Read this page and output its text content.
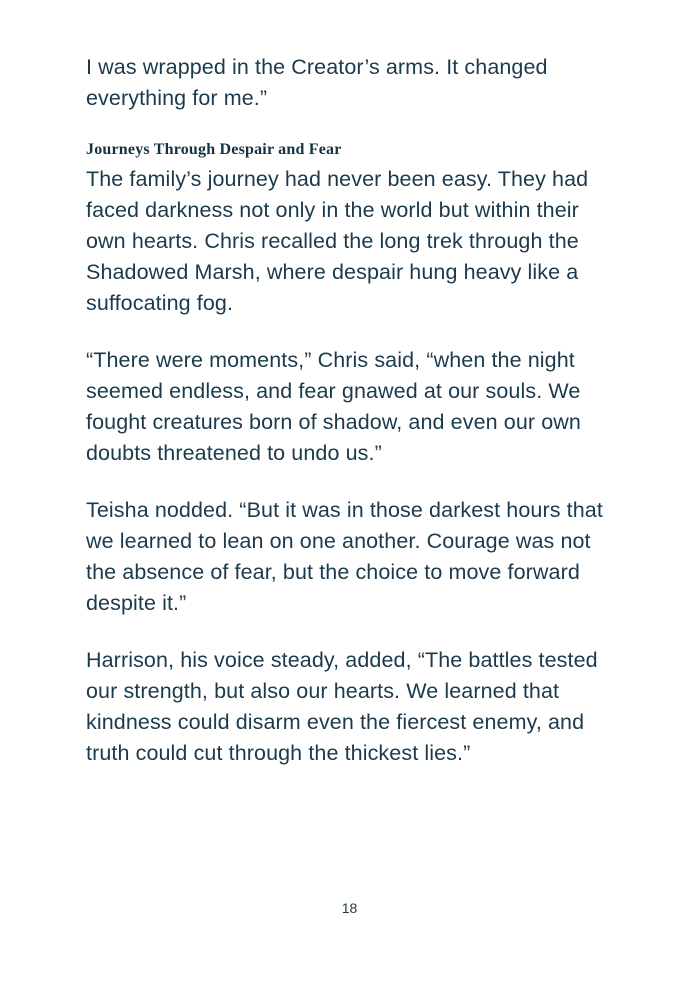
I was wrapped in the Creator’s arms. It changed everything for me.”

Journeys Through Despair and Fear

The family’s journey had never been easy. They had faced darkness not only in the world but within their own hearts. Chris recalled the long trek through the Shadowed Marsh, where despair hung heavy like a suffocating fog.

“There were moments,” Chris said, “when the night seemed endless, and fear gnawed at our souls. We fought creatures born of shadow, and even our own doubts threatened to undo us.”

Teisha nodded. “But it was in those darkest hours that we learned to lean on one another. Courage was not the absence of fear, but the choice to move forward despite it.”

Harrison, his voice steady, added, “The battles tested our strength, but also our hearts. We learned that kindness could disarm even the fiercest enemy, and truth could cut through the thickest lies.”

18
